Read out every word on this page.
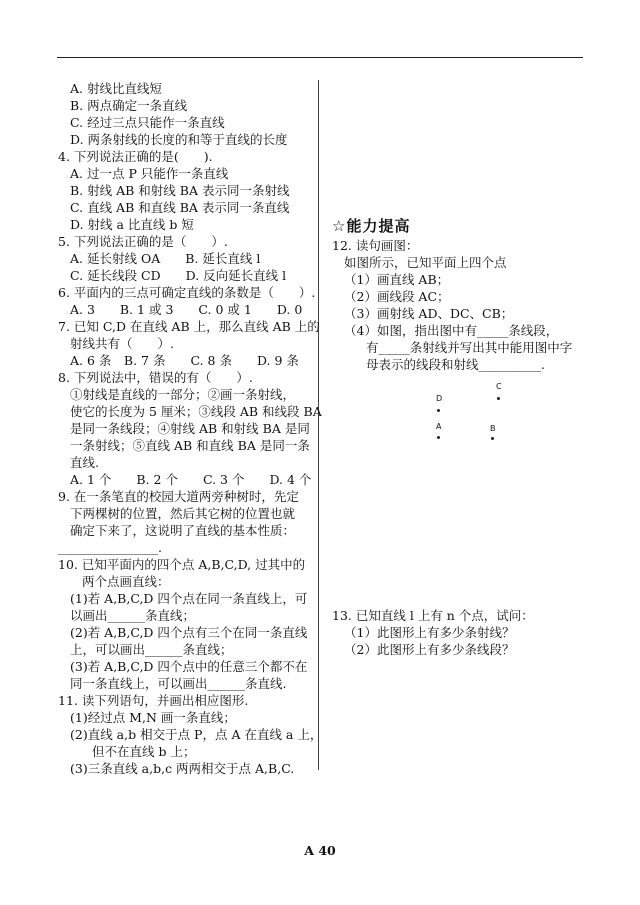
A. 射线比直线短
B. 两点确定一条直线
C. 经过三点只能作一条直线
D. 两条射线的长度的和等于直线的长度
4. 下列说法正确的是(　　).
A. 过一点 P 只能作一条直线
B. 射线 AB 和射线 BA 表示同一条射线
C. 直线 AB 和直线 BA 表示同一条直线
D. 射线 a 比直线 b 短
5. 下列说法正确的是（　　）.
A. 延长射线 OA　　B. 延长直线 l
C. 延长线段 CD　　D. 反向延长直线 l
6. 平面内的三点可确定直线的条数是（　　）.
A. 3　　B. 1 或 3　　C. 0 或 1　　D. 0
7. 已知 C,D 在直线 AB 上，那么直线 AB 上的
射线共有（　　）.
A. 6 条　B. 7 条　　C. 8 条　　D. 9 条
8. 下列说法中，错误的有（　　）.
①射线是直线的一部分；②画一条射线，
使它的长度为 5 厘米；③线段 AB 和线段 BA
是同一条线段；④射线 AB 和射线 BA 是同
一条射线；⑤直线 AB 和直线 BA 是同一条
直线.
A. 1 个　　B. 2 个　　C. 3 个　　D. 4 个
9. 在一条笔直的校园大道两旁种树时，先定
下两棵树的位置，然后其它树的位置也就
确定下来了，这说明了直线的基本性质：
________________.
10. 已知平面内的四个点 A,B,C,D, 过其中的
两个点画直线：
(1)若 A,B,C,D 四个点在同一条直线上，可
以画出______条直线；
(2)若 A,B,C,D 四个点有三个在同一条直线
上，可以画出______条直线；
(3)若 A,B,C,D 四个点中的任意三个都不在
同一条直线上，可以画出______条直线.
11. 读下列语句，并画出相应图形.
(1)经过点 M,N 画一条直线；
(2)直线 a,b 相交于点 P，点 A 在直线 a 上，
但不在直线 b 上；
(3)三条直线 a,b,c 两两相交于点 A,B,C.
☆能力提高
12. 读句画图：
如图所示，已知平面上四个点
（1）画直线 AB；
（2）画线段 AC；
（3）画射线 AD、DC、CB；
（4）如图，指出图中有_____条线段，
有_____条射线并写出其中能用图中字
母表示的线段和射线__________.
C
D
A	B
13. 已知直线 l 上有 n 个点，试问：
（1）此图形上有多少条射线？
（2）此图形上有多少条线段？
A 40
